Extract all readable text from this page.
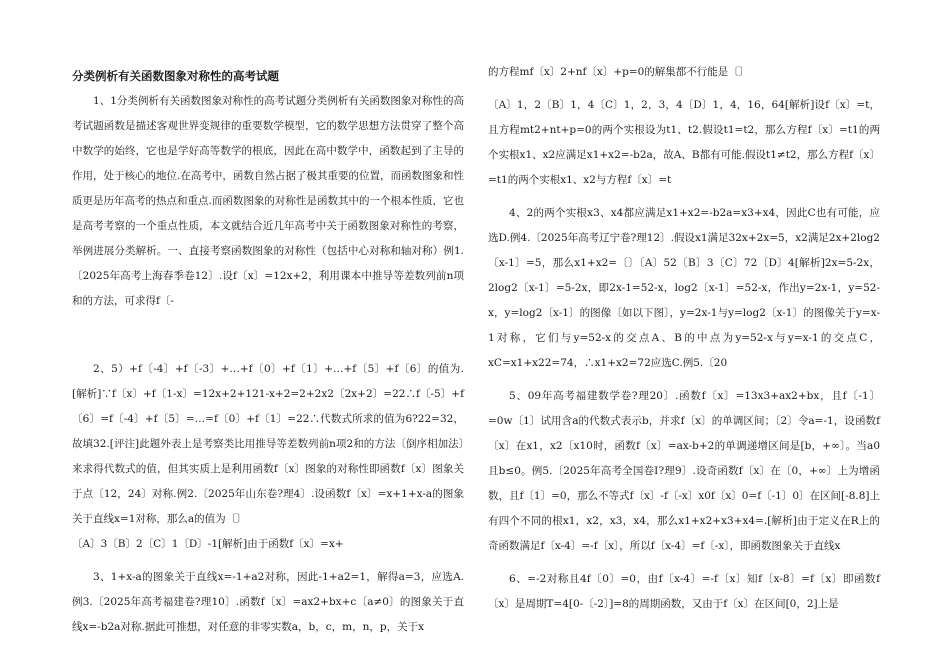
分类例析有关函数图象对称性的高考试题

1、1分类例析有关函数图象对称性的高考试题分类例析有关函数图象对称性的高考试题函数是描述客观世界变规律的重要数学模型，它的数学思想方法贯穿了整个高中数学的始终，它也是学好高等数学的根底，因此在高中数学中，函数起到了主导的作用，处于核心的地位.在高考中，函数自然占据了极其重要的位置，而函数图象和性质更是历年高考的热点和重点.而函数图象的对称性是函数其中的一个根本性质，它也是高考考察的一个重点性质，本文就结合近几年高考中关于函数图象对称性的考察，举例进展分类解析。一、直接考察函数图象的对称性（包括中心对称和轴对称）例1.〔2025年高考上海春季卷12〕.设f〔x〕=12x+2，利用课本中推导等差数列前n项和的方法，可求得f〔-

2、5）+f〔-4〕+f〔-3〕+…+f〔0〕+f〔1〕+…+f〔5〕+f〔6〕的值为.[解析]∵f〔x〕+f〔1-x〕=12x+2+121-x+2=2+2x2〔2x+2〕=22∴f〔-5〕+f〔6〕=f〔-4〕+f〔5〕=…=f〔0〕+f〔1〕=22∴代数式所求的值为6?22=32，故填32.[评注]此题外表上是考察类比用推导等差数列前n项2和的方法〔倒序相加法〕来求得代数式的值，但其实质上是利用函数f〔x〕图象的对称性即函数f〔x〕图象关于点〔12，24〕对称.例2.〔2025年山东卷?理4〕.设函数f〔x〕=x+1+x-a的图象关于直线x=1对称，那么a的值为〔〕

〔A〕3〔B〕2〔C〕1〔D〕-1[解析]由于函数f〔x〕=x+

3、1+x-a的图象关于直线x=-1+a2对称，因此-1+a2=1，解得a=3，应选A.例3.〔2025年高考福建卷?理10〕.函数f〔x〕=ax2+bx+c〔a≠0〕的图象关于直线x=-b2a对称.据此可推想，对任意的非零实数a，b，c，m，n，p，关于x

的方程mf〔x〕2+nf〔x〕+p=0的解集都不行能是〔〕

〔A〕1，2〔B〕1，4〔C〕1，2，3，4〔D〕1，4，16，64[解析]设f〔x〕=t，且方程mt2+nt+p=0的两个实根设为t1、t2.假设t1=t2，那么方程f〔x〕=t1的两个实根x1、x2应满足x1+x2=-b2a，故A、B都有可能.假设t1≠t2，那么方程f〔x〕=t1的两个实根x1、x2与方程f〔x〕=t

4、2的两个实根x3、x4都应满足x1+x2=-b2a=x3+x4，因此C也有可能，应选D.例4.〔2025年高考辽宁卷?理12〕.假设x1满足32x+2x=5，x2满足2x+2log2〔x-1〕=5，那么x1+x2=〔〕〔A〕52〔B〕3〔C〕72〔D〕4[解析]2x=5-2x，2log2〔x-1〕=5-2x，即2x-1=52-x，log2〔x-1〕=52-x，作出y=2x-1，y=52-x，y=log2〔x-1〕的图像〔如以下图〕，y=2x-1与y=log2〔x-1〕的图像关于y=x-1对称，它们与y=52-x的交点A、B的中点为y=52-x与y=x-1的交点C，xC=x1+x22=74，∴x1+x2=72应选C.例5.〔20

5、09年高考福建数学卷?理20〕.函数f〔x〕=13x3+ax2+bx，且f〔-1〕=0w〔1〕试用含a的代数式表示b，并求f〔x〕的单调区间；〔2〕令a=-1，设函数f〔x〕在x1，x2〔x10时，函数f〔x〕=ax-b+2的单调递增区间是[b，+∞〕。当a0且b≤0。例5.〔2025年高考全国卷Ⅰ?理9〕.设奇函数f〔x〕在〔0，+∞〕上为增函数，且f〔1〕=0，那么不等式f〔x〕-f〔-x〕x0f〔x〕0=f〔-1〕0〕在区间[-8.8]上有四个不同的根x1，x2，x3，x4，那么x1+x2+x3+x4=.[解析]由于定义在R上的奇函数满足f〔x-4〕=-f〔x〕，所以f〔x-4〕=f〔-x〕，即函数图象关于直线x

6、=-2对称且4f〔0〕=0，由f〔x-4〕=-f〔x〕知f〔x-8〕=f〔x〕即函数f〔x〕是周期T=4[0-〔-2〕]=8的周期函数，又由于f〔x〕在区间[0，2]上是
